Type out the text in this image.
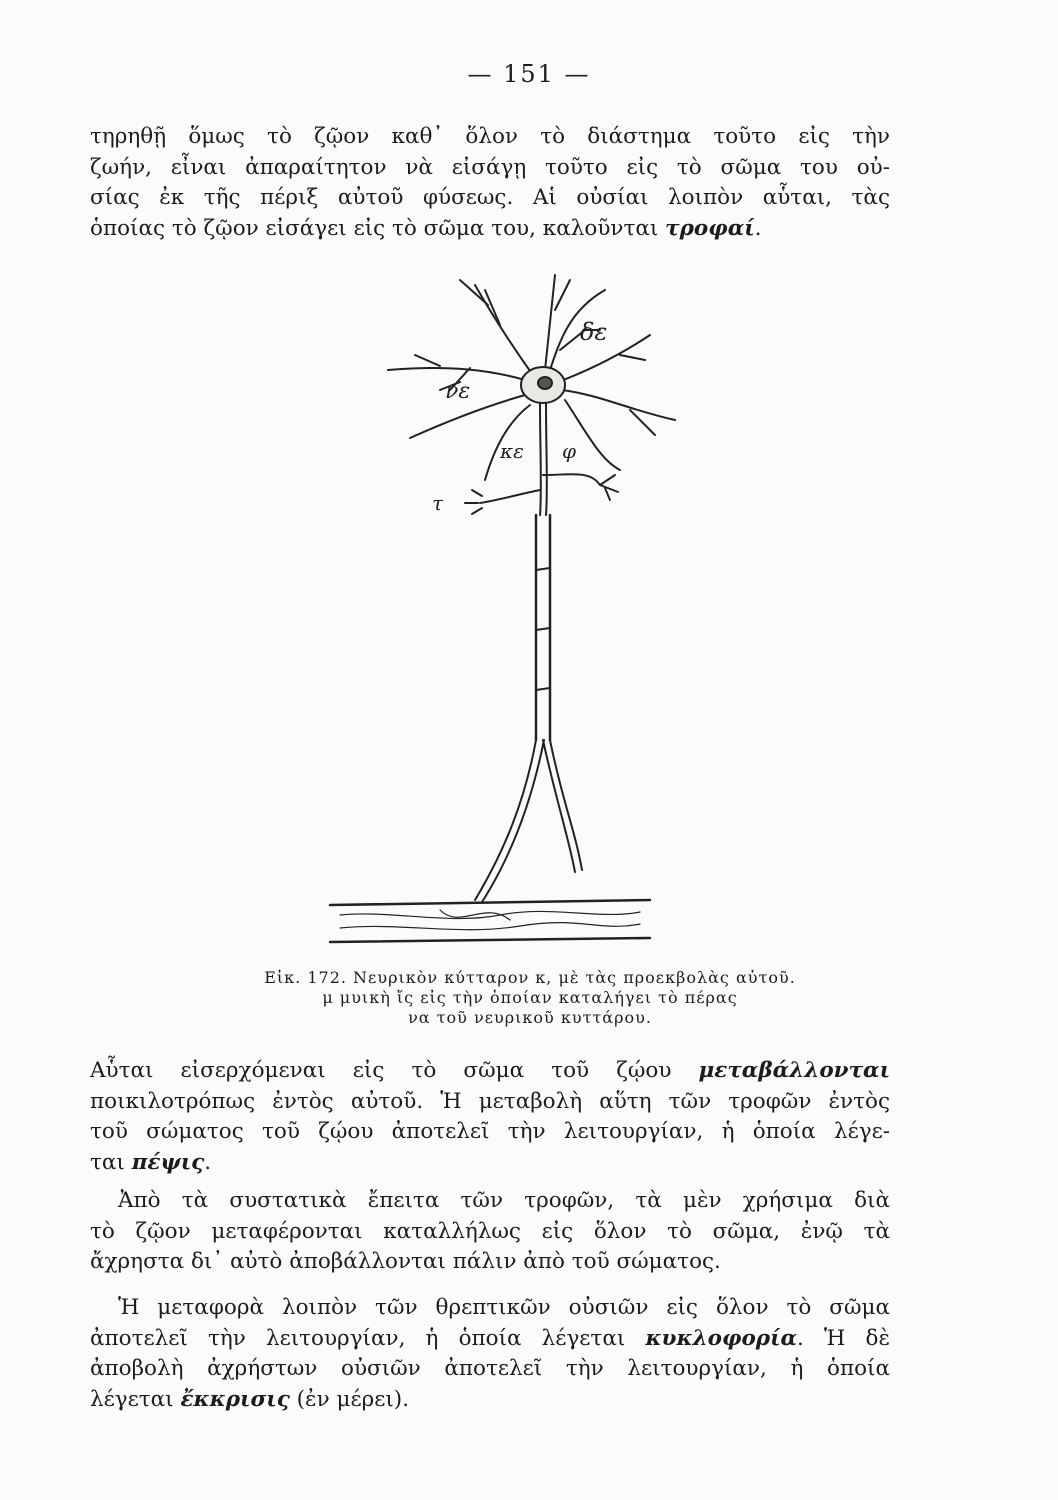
— 151 —

τηρηθῇ ὅμως τὸ ζῷον καθ᾽ ὅλον τὸ διάστημα τοῦτο εἰς τὴν
ζωήν, εἶναι ἀπαραίτητον νὰ εἰσάγῃ τοῦτο εἰς τὸ σῶμα του οὐ-
σίας ἐκ τῆς πέριξ αὐτοῦ φύσεως. Αἱ οὐσίαι λοιπὸν αὗται, τὰς
ὁποίας τὸ ζῷον εἰσάγει εἰς τὸ σῶμα του, καλοῦνται τροφαί.

δε
νε
κε φ
τ
Εἰκ. 172. Νευρικὸν κύτταρον κ, μὲ τὰς προεκβολὰς αὐτοῦ.
μ μυικὴ ἴς εἰς τὴν ὁποίαν καταλήγει τὸ πέρας
να τοῦ νευρικοῦ κυττάρου.

Αὗται εἰσερχόμεναι εἰς τὸ σῶμα τοῦ ζῴου μεταβάλλονται
ποικιλοτρόπως ἐντὸς αὐτοῦ. Ἡ μεταβολὴ αὕτη τῶν τροφῶν ἐντὸς
τοῦ σώματος τοῦ ζῴου ἀποτελεῖ τὴν λειτουργίαν, ἡ ὁποία λέγε-
ται πέψις.

Ἀπὸ τὰ συστατικὰ ἔπειτα τῶν τροφῶν, τὰ μὲν χρήσιμα διὰ
τὸ ζῷον μεταφέρονται καταλλήλως εἰς ὅλον τὸ σῶμα, ἐνῷ τὰ
ἄχρηστα δι᾽ αὐτὸ ἀποβάλλονται πάλιν ἀπὸ τοῦ σώματος.

Ἡ μεταφορὰ λοιπὸν τῶν θρεπτικῶν οὐσιῶν εἰς ὅλον τὸ σῶμα
ἀποτελεῖ τὴν λειτουργίαν, ἡ ὁποία λέγεται κυκλοφορία. Ἡ δὲ
ἀποβολὴ ἀχρήστων οὐσιῶν ἀποτελεῖ τὴν λειτουργίαν, ἡ ὁποία
λέγεται ἔκκρισις (ἐν μέρει).
